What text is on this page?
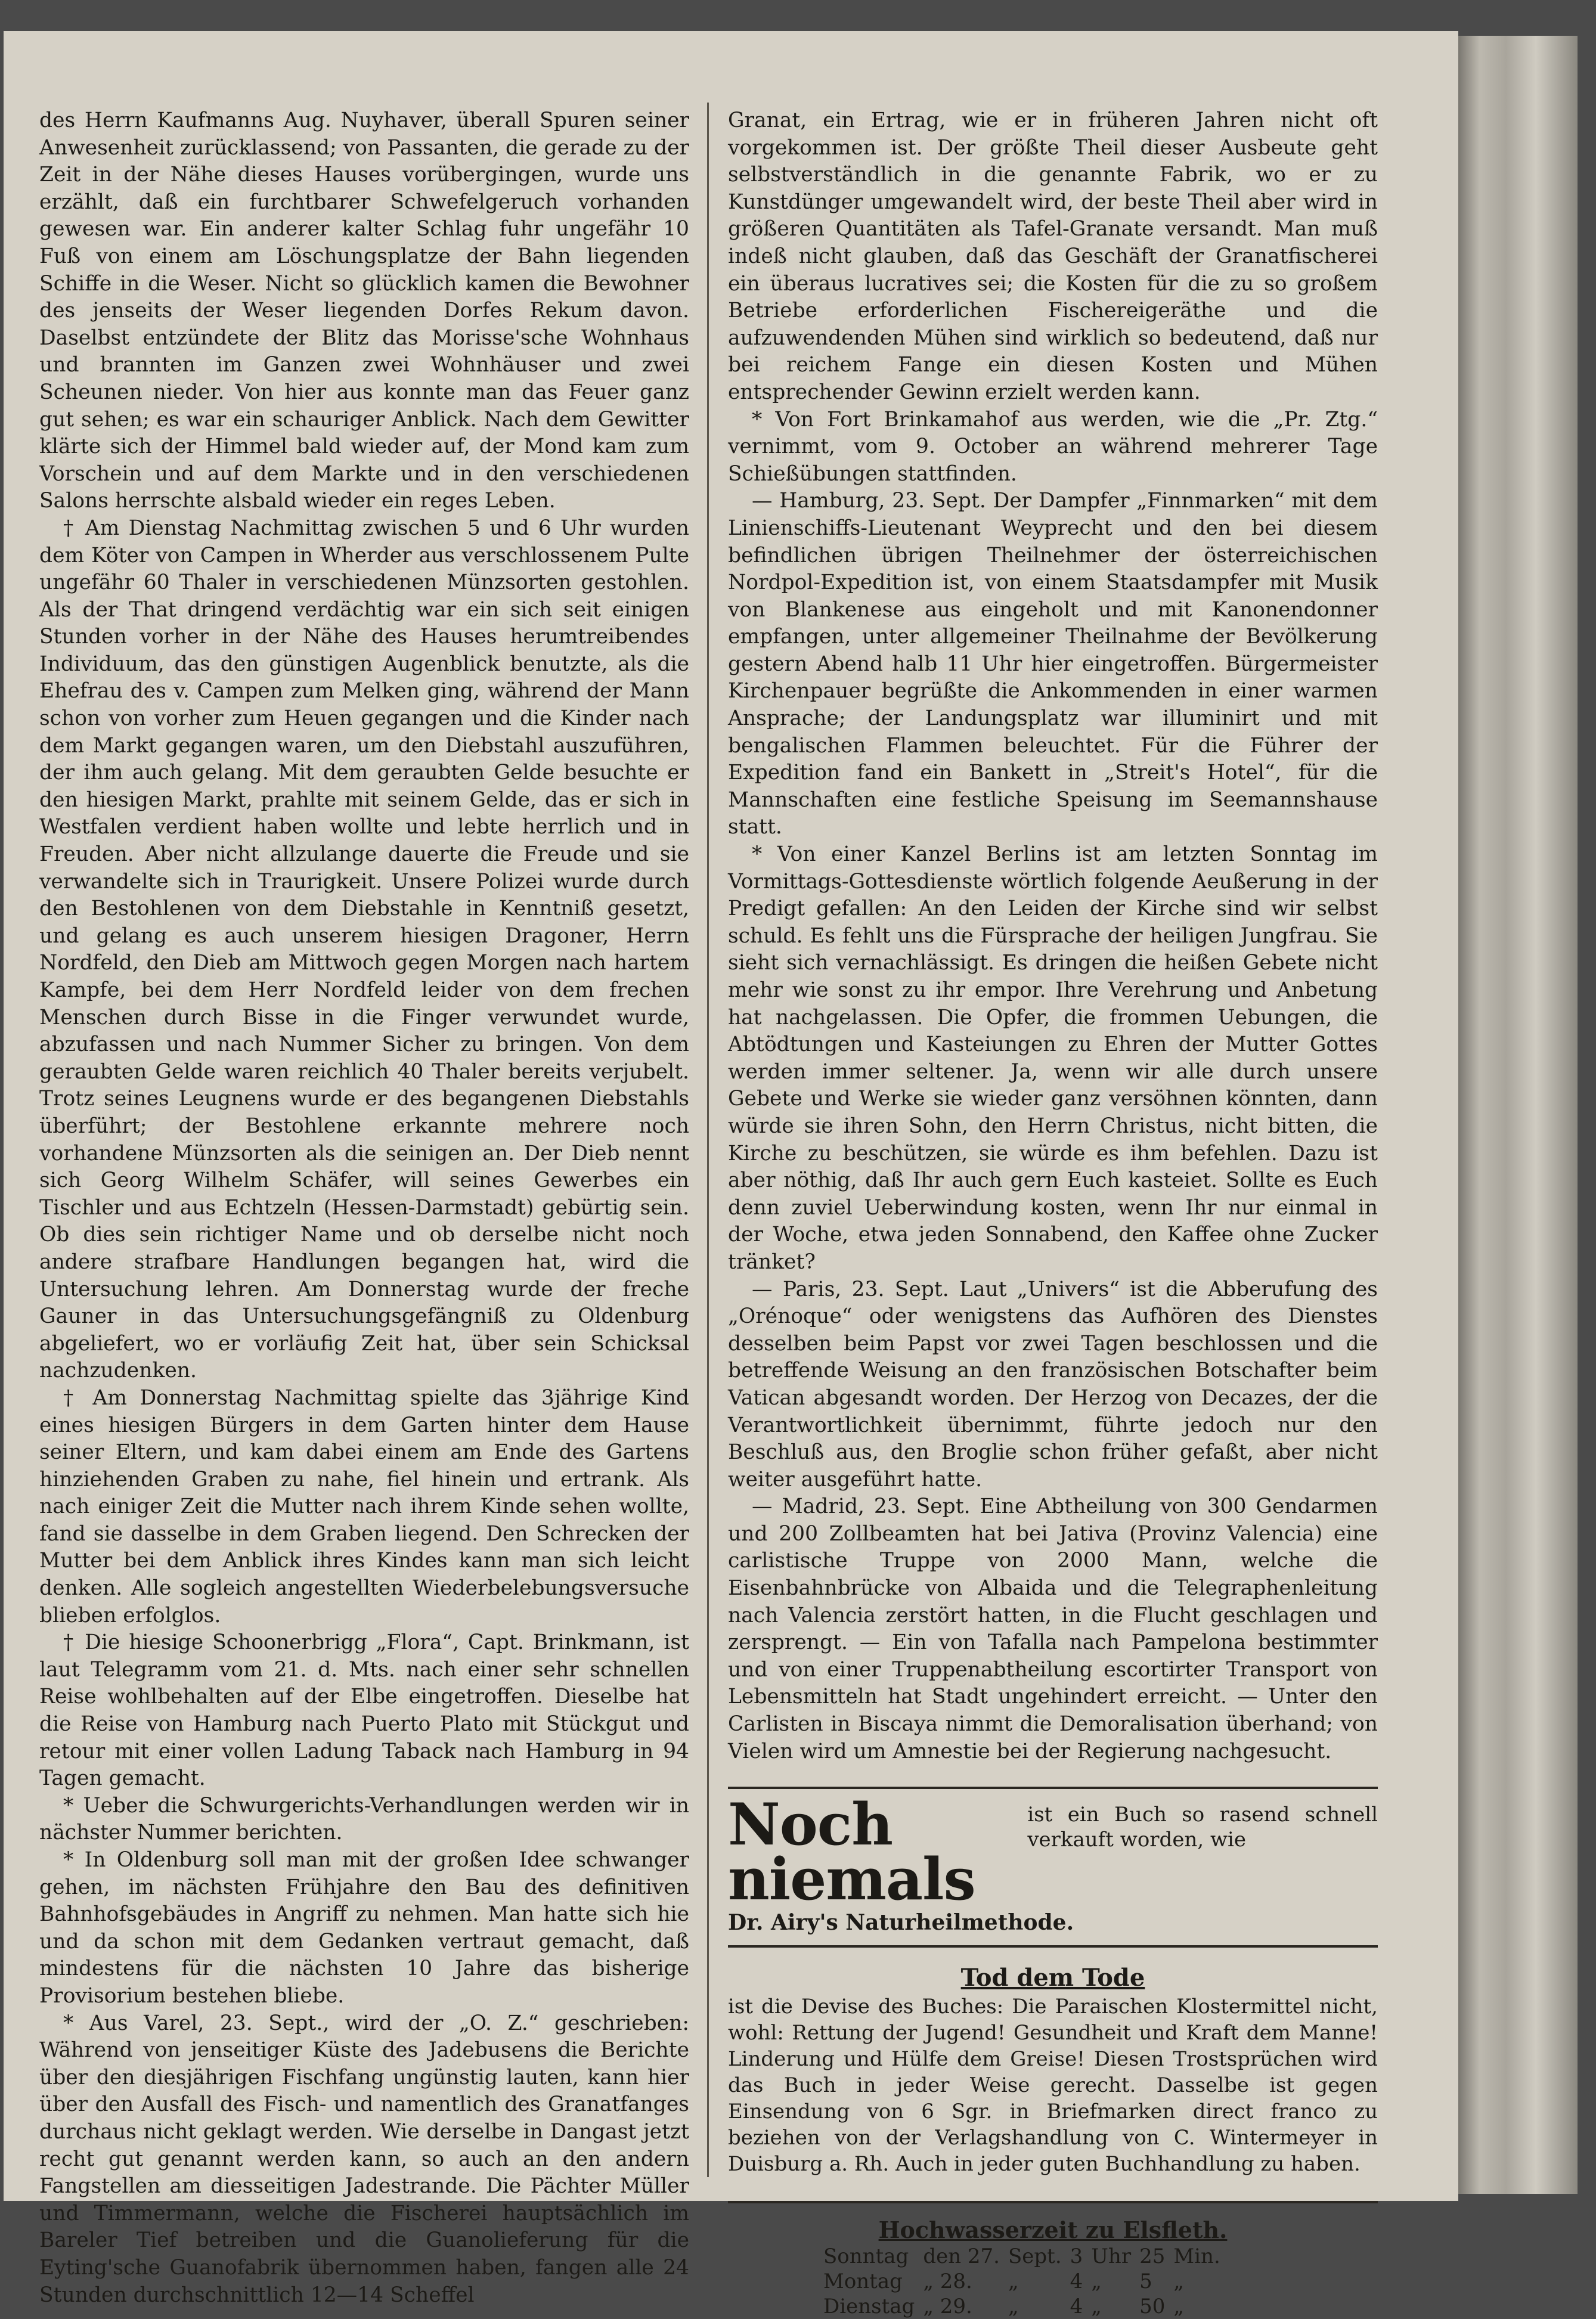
des Herrn Kaufmanns Aug. Nuyhaver, überall Spuren seiner Anwesenheit zurücklassend; von Passanten, die gerade zu der Zeit in der Nähe dieses Hauses vorübergingen, wurde uns erzählt, daß ein furchtbarer Schwefelgeruch vorhanden gewesen war. Ein anderer kalter Schlag fuhr ungefähr 10 Fuß von einem am Löschungsplatze der Bahn liegenden Schiffe in die Weser. Nicht so glücklich kamen die Bewohner des jenseits der Weser liegenden Dorfes Rekum davon. Daselbst entzündete der Blitz das Morisse'sche Wohnhaus und brannten im Ganzen zwei Wohnhäuser und zwei Scheunen nieder. Von hier aus konnte man das Feuer ganz gut sehen; es war ein schauriger Anblick. Nach dem Gewitter klärte sich der Himmel bald wieder auf, der Mond kam zum Vorschein und auf dem Markte und in den verschiedenen Salons herrschte alsbald wieder ein reges Leben.

† Am Dienstag Nachmittag zwischen 5 und 6 Uhr wurden dem Köter von Campen in Wherder aus verschlossenem Pulte ungefähr 60 Thaler in verschiedenen Münzsorten gestohlen. Als der That dringend verdächtig war ein sich seit einigen Stunden vorher in der Nähe des Hauses herumtreibendes Individuum, das den günstigen Augenblick benutzte, als die Ehefrau des v. Campen zum Melken ging, während der Mann schon von vorher zum Heuen gegangen und die Kinder nach dem Markt gegangen waren, um den Diebstahl auszuführen, der ihm auch gelang. Mit dem geraubten Gelde besuchte er den hiesigen Markt, prahlte mit seinem Gelde, das er sich in Westfalen verdient haben wollte und lebte herrlich und in Freuden. Aber nicht allzulange dauerte die Freude und sie verwandelte sich in Traurigkeit. Unsere Polizei wurde durch den Bestohlenen von dem Diebstahle in Kenntniß gesetzt, und gelang es auch unserem hiesigen Dragoner, Herrn Nordfeld, den Dieb am Mittwoch gegen Morgen nach hartem Kampfe, bei dem Herr Nordfeld leider von dem frechen Menschen durch Bisse in die Finger verwundet wurde, abzufassen und nach Nummer Sicher zu bringen. Von dem geraubten Gelde waren reichlich 40 Thaler bereits verjubelt. Trotz seines Leugnens wurde er des begangenen Diebstahls überführt; der Bestohlene erkannte mehrere noch vorhandene Münzsorten als die seinigen an. Der Dieb nennt sich Georg Wilhelm Schäfer, will seines Gewerbes ein Tischler und aus Echtzeln (Hessen-Darmstadt) gebürtig sein. Ob dies sein richtiger Name und ob derselbe nicht noch andere strafbare Handlungen begangen hat, wird die Untersuchung lehren. Am Donnerstag wurde der freche Gauner in das Untersuchungsgefängniß zu Oldenburg abgeliefert, wo er vorläufig Zeit hat, über sein Schicksal nachzudenken.

† Am Donnerstag Nachmittag spielte das 3jährige Kind eines hiesigen Bürgers in dem Garten hinter dem Hause seiner Eltern, und kam dabei einem am Ende des Gartens hinziehenden Graben zu nahe, fiel hinein und ertrank. Als nach einiger Zeit die Mutter nach ihrem Kinde sehen wollte, fand sie dasselbe in dem Graben liegend. Den Schrecken der Mutter bei dem Anblick ihres Kindes kann man sich leicht denken. Alle sogleich angestellten Wiederbelebungsversuche blieben erfolglos.

† Die hiesige Schoonerbrigg „Flora“, Capt. Brinkmann, ist laut Telegramm vom 21. d. Mts. nach einer sehr schnellen Reise wohlbehalten auf der Elbe eingetroffen. Dieselbe hat die Reise von Hamburg nach Puerto Plato mit Stückgut und retour mit einer vollen Ladung Taback nach Hamburg in 94 Tagen gemacht.

* Ueber die Schwurgerichts-Verhandlungen werden wir in nächster Nummer berichten.

* In Oldenburg soll man mit der großen Idee schwanger gehen, im nächsten Frühjahre den Bau des definitiven Bahnhofsgebäudes in Angriff zu nehmen. Man hatte sich hie und da schon mit dem Gedanken vertraut gemacht, daß mindestens für die nächsten 10 Jahre das bisherige Provisorium bestehen bliebe.

* Aus Varel, 23. Sept., wird der „O. Z.“ geschrieben: Während von jenseitiger Küste des Jadebusens die Berichte über den diesjährigen Fischfang ungünstig lauten, kann hier über den Ausfall des Fisch- und namentlich des Granatfanges durchaus nicht geklagt werden. Wie derselbe in Dangast jetzt recht gut genannt werden kann, so auch an den andern Fangstellen am diesseitigen Jadestrande. Die Pächter Müller und Timmermann, welche die Fischerei hauptsächlich im Bareler Tief betreiben und die Guanolieferung für die Eyting'sche Guanofabrik übernommen haben, fangen alle 24 Stunden durchschnittlich 12—14 Scheffel

Granat, ein Ertrag, wie er in früheren Jahren nicht oft vorgekommen ist. Der größte Theil dieser Ausbeute geht selbstverständlich in die genannte Fabrik, wo er zu Kunstdünger umgewandelt wird, der beste Theil aber wird in größeren Quantitäten als Tafel-Granate versandt. Man muß indeß nicht glauben, daß das Geschäft der Granatfischerei ein überaus lucratives sei; die Kosten für die zu so großem Betriebe erforderlichen Fischereigeräthe und die aufzuwendenden Mühen sind wirklich so bedeutend, daß nur bei reichem Fange ein diesen Kosten und Mühen entsprechender Gewinn erzielt werden kann.

* Von Fort Brinkamahof aus werden, wie die „Pr. Ztg.“ vernimmt, vom 9. October an während mehrerer Tage Schießübungen stattfinden.

— Hamburg, 23. Sept. Der Dampfer „Finnmarken“ mit dem Linienschiffs-Lieutenant Weyprecht und den bei diesem befindlichen übrigen Theilnehmer der österreichischen Nordpol-Expedition ist, von einem Staatsdampfer mit Musik von Blankenese aus eingeholt und mit Kanonendonner empfangen, unter allgemeiner Theilnahme der Bevölkerung gestern Abend halb 11 Uhr hier eingetroffen. Bürgermeister Kirchenpauer begrüßte die Ankommenden in einer warmen Ansprache; der Landungsplatz war illuminirt und mit bengalischen Flammen beleuchtet. Für die Führer der Expedition fand ein Bankett in „Streit's Hotel“, für die Mannschaften eine festliche Speisung im Seemannshause statt.

* Von einer Kanzel Berlins ist am letzten Sonntag im Vormittags-Gottesdienste wörtlich folgende Aeußerung in der Predigt gefallen: An den Leiden der Kirche sind wir selbst schuld. Es fehlt uns die Fürsprache der heiligen Jungfrau. Sie sieht sich vernachlässigt. Es dringen die heißen Gebete nicht mehr wie sonst zu ihr empor. Ihre Verehrung und Anbetung hat nachgelassen. Die Opfer, die frommen Uebungen, die Abtödtungen und Kasteiungen zu Ehren der Mutter Gottes werden immer seltener. Ja, wenn wir alle durch unsere Gebete und Werke sie wieder ganz versöhnen könnten, dann würde sie ihren Sohn, den Herrn Christus, nicht bitten, die Kirche zu beschützen, sie würde es ihm befehlen. Dazu ist aber nöthig, daß Ihr auch gern Euch kasteiet. Sollte es Euch denn zuviel Ueberwindung kosten, wenn Ihr nur einmal in der Woche, etwa jeden Sonnabend, den Kaffee ohne Zucker tränket?

— Paris, 23. Sept. Laut „Univers“ ist die Abberufung des „Orénoque“ oder wenigstens das Aufhören des Dienstes desselben beim Papst vor zwei Tagen beschlossen und die betreffende Weisung an den französischen Botschafter beim Vatican abgesandt worden. Der Herzog von Decazes, der die Verantwortlichkeit übernimmt, führte jedoch nur den Beschluß aus, den Broglie schon früher gefaßt, aber nicht weiter ausgeführt hatte.

— Madrid, 23. Sept. Eine Abtheilung von 300 Gendarmen und 200 Zollbeamten hat bei Jativa (Provinz Valencia) eine carlistische Truppe von 2000 Mann, welche die Eisenbahnbrücke von Albaida und die Telegraphenleitung nach Valencia zerstört hatten, in die Flucht geschlagen und zersprengt. — Ein von Tafalla nach Pampelona bestimmter und von einer Truppenabtheilung escortirter Transport von Lebensmitteln hat Stadt ungehindert erreicht. — Unter den Carlisten in Biscaya nimmt die Demoralisation überhand; von Vielen wird um Amnestie bei der Regierung nachgesucht.

Noch niemals
ist ein Buch so rasend schnell verkauft worden, wie
Dr. Airy's Naturheilmethode.
Tod dem Tode
ist die Devise des Buches: Die Paraischen Klostermittel nicht, wohl: Rettung der Jugend! Gesundheit und Kraft dem Manne! Linderung und Hülfe dem Greise! Diesen Trostsprüchen wird das Buch in jeder Weise gerecht. Dasselbe ist gegen Einsendung von 6 Sgr. in Briefmarken direct franco zu beziehen von der Verlagshandlung von C. Wintermeyer in Duisburg a. Rh. Auch in jeder guten Buchhandlung zu haben.
Hochwasserzeit zu Elsfleth.
Sonntag	den 27.	Sept.	3	Uhr	25	Min.
Montag	„ 28.	„	4	„	5	„
Dienstag	„ 29.	„	4	„	50	„
